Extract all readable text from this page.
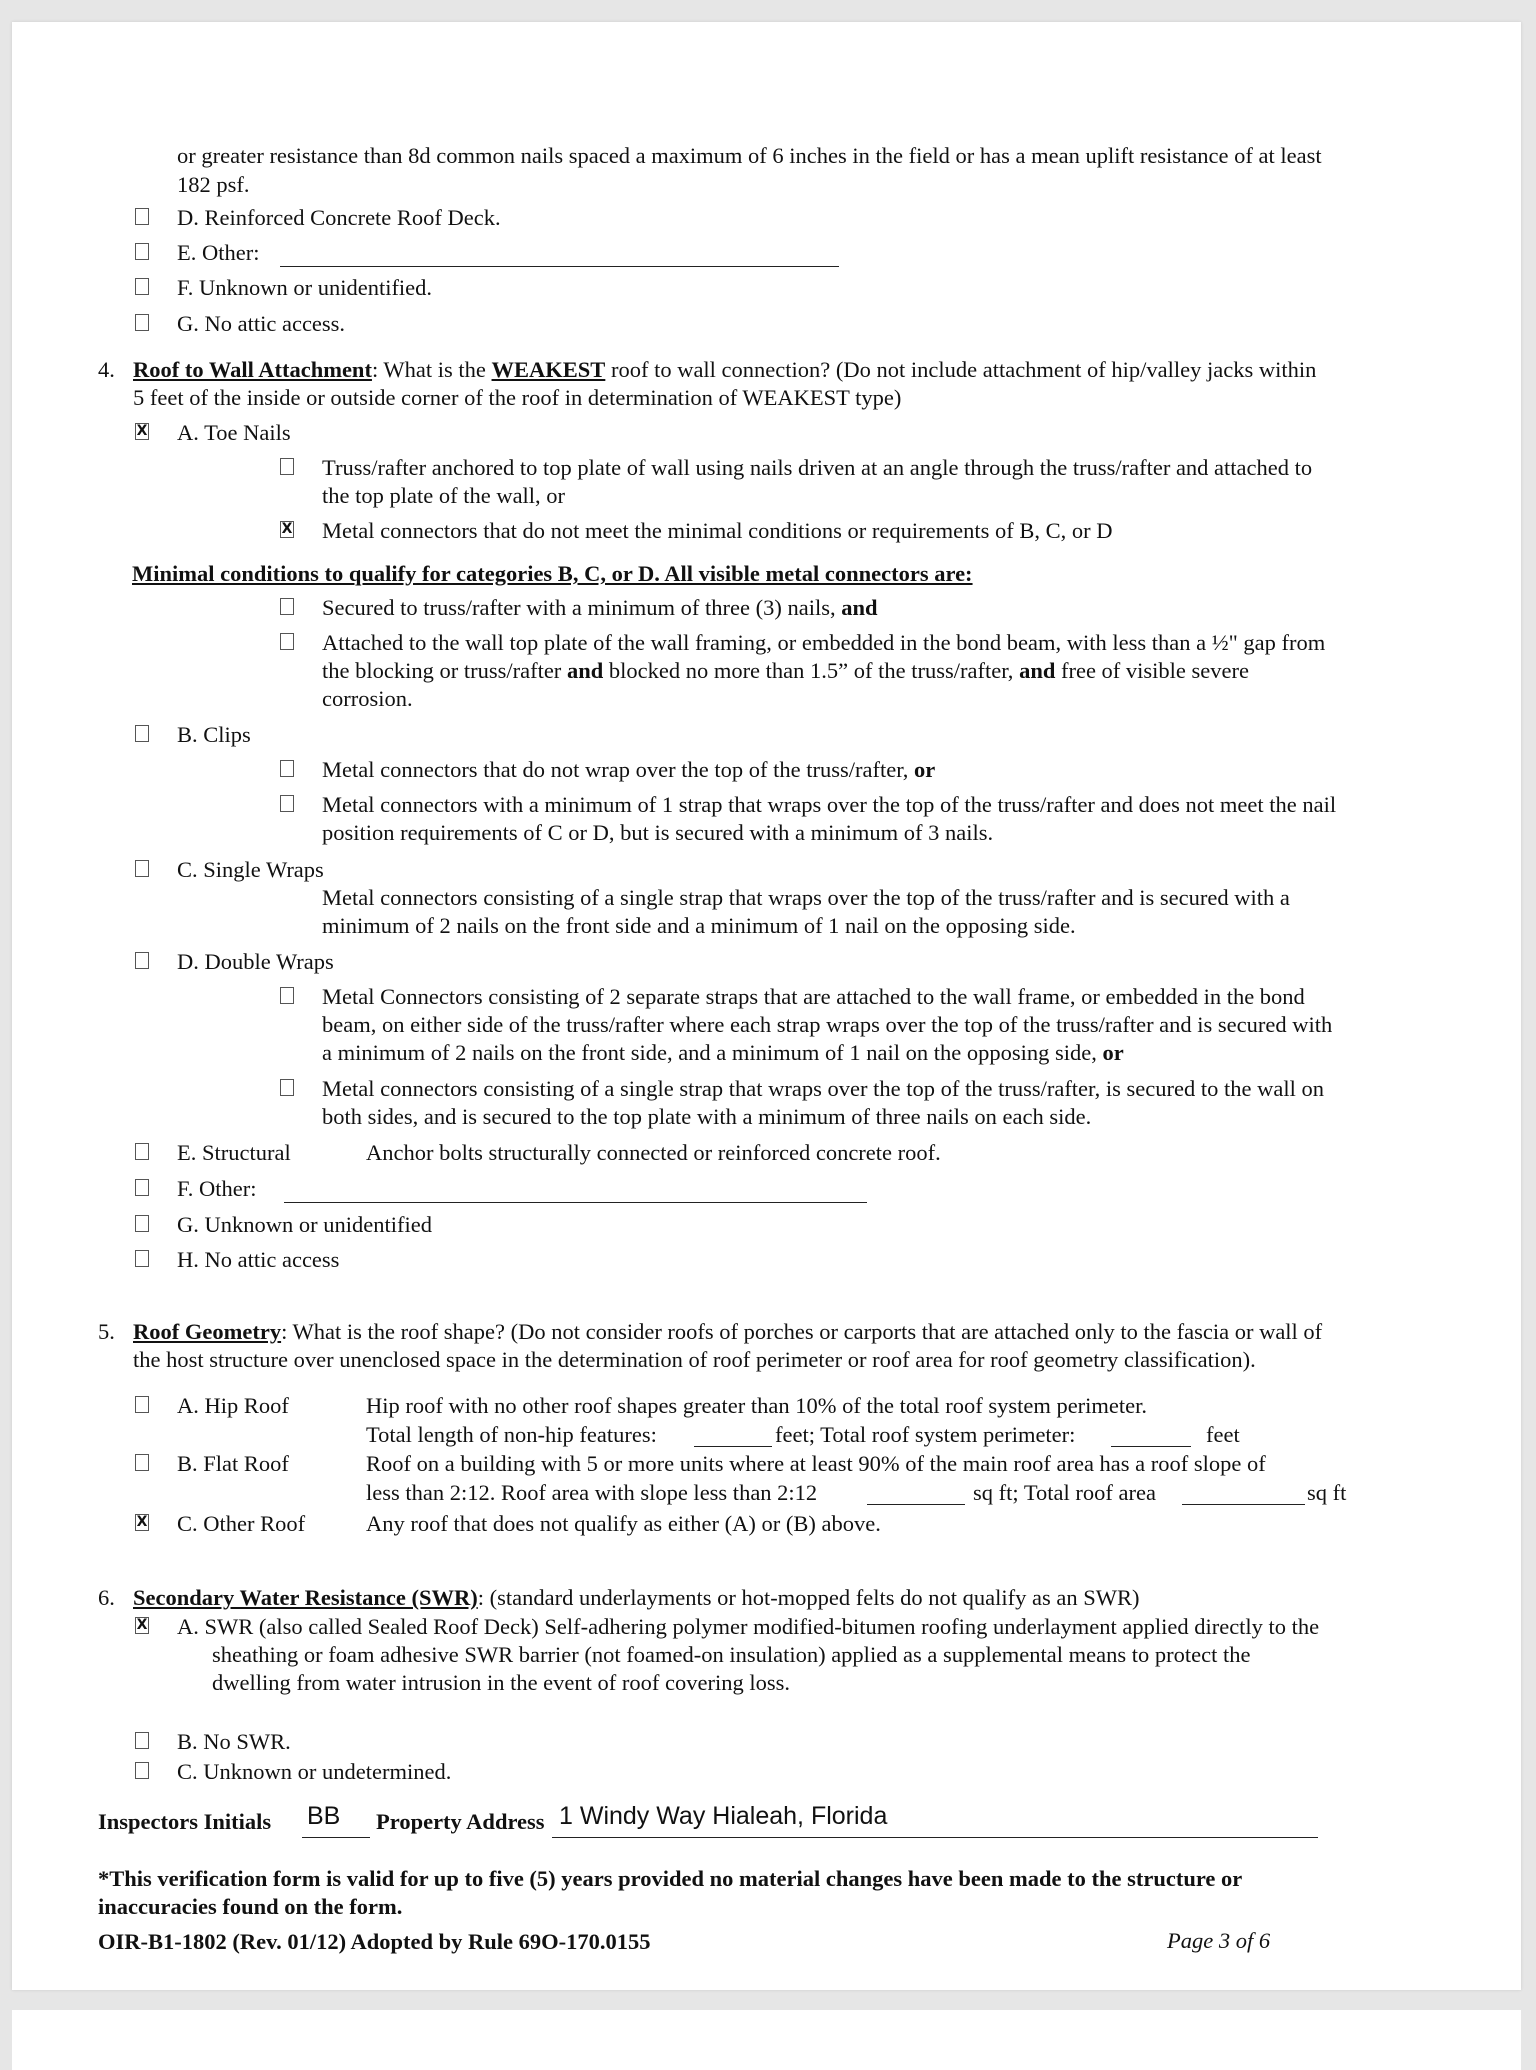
or greater resistance than 8d common nails spaced a maximum of 6 inches in the field or has a mean uplift resistance of at least
182 psf.
D. Reinforced Concrete Roof Deck.
E. Other:
F. Unknown or unidentified.
G. No attic access.
4. Roof to Wall Attachment: What is the WEAKEST roof to wall connection? (Do not include attachment of hip/valley jacks within
5 feet of the inside or outside corner of the roof in determination of WEAKEST type)
X A. Toe Nails
Truss/rafter anchored to top plate of wall using nails driven at an angle through the truss/rafter and attached to
the top plate of the wall, or
X Metal connectors that do not meet the minimal conditions or requirements of B, C, or D
Minimal conditions to qualify for categories B, C, or D. All visible metal connectors are:
Secured to truss/rafter with a minimum of three (3) nails, and
Attached to the wall top plate of the wall framing, or embedded in the bond beam, with less than a ½" gap from
the blocking or truss/rafter and blocked no more than 1.5” of the truss/rafter, and free of visible severe
corrosion.
B. Clips
Metal connectors that do not wrap over the top of the truss/rafter, or
Metal connectors with a minimum of 1 strap that wraps over the top of the truss/rafter and does not meet the nail
position requirements of C or D, but is secured with a minimum of 3 nails.
C. Single Wraps
Metal connectors consisting of a single strap that wraps over the top of the truss/rafter and is secured with a
minimum of 2 nails on the front side and a minimum of 1 nail on the opposing side.
D. Double Wraps
Metal Connectors consisting of 2 separate straps that are attached to the wall frame, or embedded in the bond
beam, on either side of the truss/rafter where each strap wraps over the top of the truss/rafter and is secured with
a minimum of 2 nails on the front side, and a minimum of 1 nail on the opposing side, or
Metal connectors consisting of a single strap that wraps over the top of the truss/rafter, is secured to the wall on
both sides, and is secured to the top plate with a minimum of three nails on each side.
E. Structural	Anchor bolts structurally connected or reinforced concrete roof.
F. Other:
G. Unknown or unidentified
H. No attic access
5. Roof Geometry: What is the roof shape? (Do not consider roofs of porches or carports that are attached only to the fascia or wall of
the host structure over unenclosed space in the determination of roof perimeter or roof area for roof geometry classification).
A. Hip Roof	Hip roof with no other roof shapes greater than 10% of the total roof system perimeter.
Total length of non-hip features:	feet; Total roof system perimeter:	feet
B. Flat Roof	Roof on a building with 5 or more units where at least 90% of the main roof area has a roof slope of
less than 2:12. Roof area with slope less than 2:12	sq ft; Total roof area	sq ft
X C. Other Roof	Any roof that does not qualify as either (A) or (B) above.
6. Secondary Water Resistance (SWR): (standard underlayments or hot-mopped felts do not qualify as an SWR)
X A. SWR (also called Sealed Roof Deck) Self-adhering polymer modified-bitumen roofing underlayment applied directly to the
sheathing or foam adhesive SWR barrier (not foamed-on insulation) applied as a supplemental means to protect the
dwelling from water intrusion in the event of roof covering loss.
B. No SWR.
C. Unknown or undetermined.
Inspectors Initials BB Property Address 1 Windy Way Hialeah, Florida
*This verification form is valid for up to five (5) years provided no material changes have been made to the structure or
inaccuracies found on the form.
OIR-B1-1802 (Rev. 01/12) Adopted by Rule 69O-170.0155	Page 3 of 6
